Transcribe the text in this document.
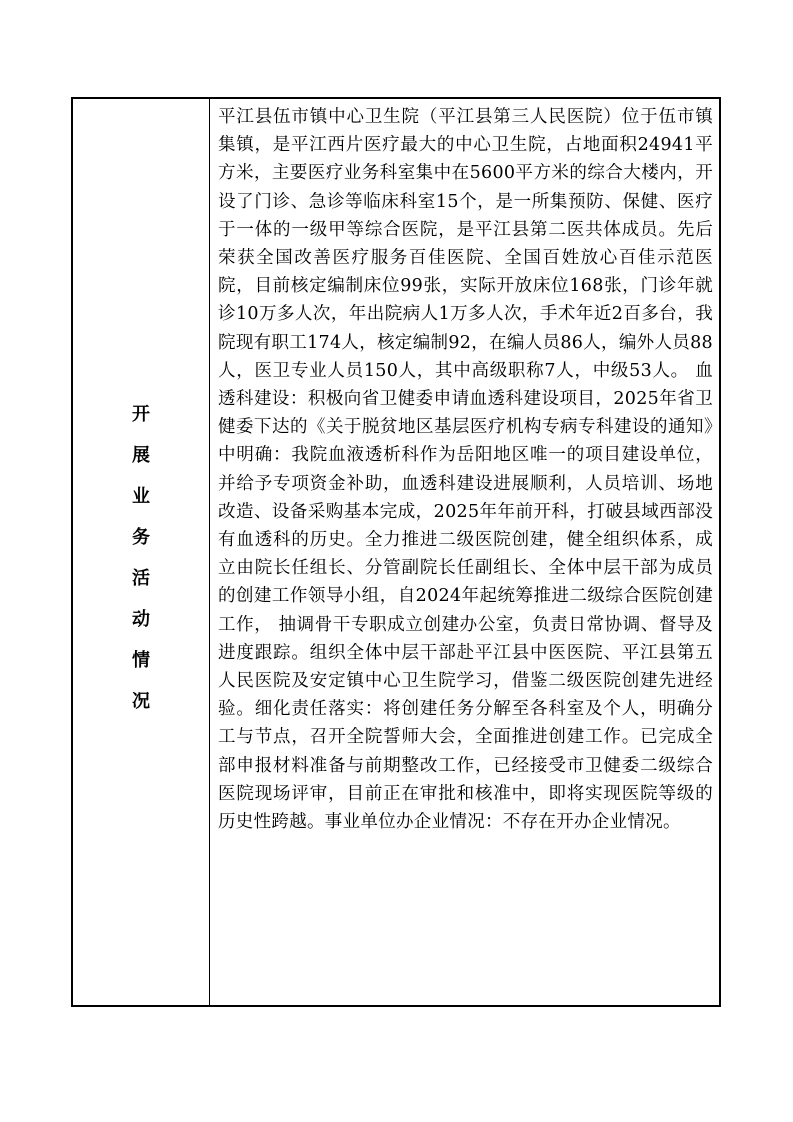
开
展
业
务
活
动
情
况

平江县伍市镇中心卫生院（平江县第三人民医院）位于伍市镇集镇，是平江西片医疗最大的中心卫生院，占地面积24941平方米，主要医疗业务科室集中在5600平方米的综合大楼内，开设了门诊、急诊等临床科室15个，是一所集预防、保健、医疗于一体的一级甲等综合医院，是平江县第二医共体成员。先后荣获全国改善医疗服务百佳医院、全国百姓放心百佳示范医院，目前核定编制床位99张，实际开放床位168张，门诊年就诊10万多人次，年出院病人1万多人次，手术年近2百多台，我院现有职工174人，核定编制92，在编人员86人，编外人员88人，医卫专业人员150人，其中高级职称7人，中级53人。 血透科建设：积极向省卫健委申请血透科建设项目，2025年省卫健委下达的《关于脱贫地区基层医疗机构专病专科建设的通知》中明确：我院血液透析科作为岳阳地区唯一的项目建设单位，并给予专项资金补助，血透科建设进展顺利，人员培训、场地改造、设备采购基本完成，2025年年前开科，打破县域西部没有血透科的历史。全力推进二级医院创建，健全组织体系，成立由院长任组长、分管副院长任副组长、全体中层干部为成员的创建工作领导小组，自2024年起统筹推进二级综合医院创建工作， 抽调骨干专职成立创建办公室，负责日常协调、督导及进度跟踪。组织全体中层干部赴平江县中医医院、平江县第五人民医院及安定镇中心卫生院学习，借鉴二级医院创建先进经验。细化责任落实：将创建任务分解至各科室及个人，明确分工与节点，召开全院誓师大会，全面推进创建工作。已完成全部申报材料准备与前期整改工作，已经接受市卫健委二级综合医院现场评审，目前正在审批和核准中，即将实现医院等级的历史性跨越。事业单位办企业情况：不存在开办企业情况。
